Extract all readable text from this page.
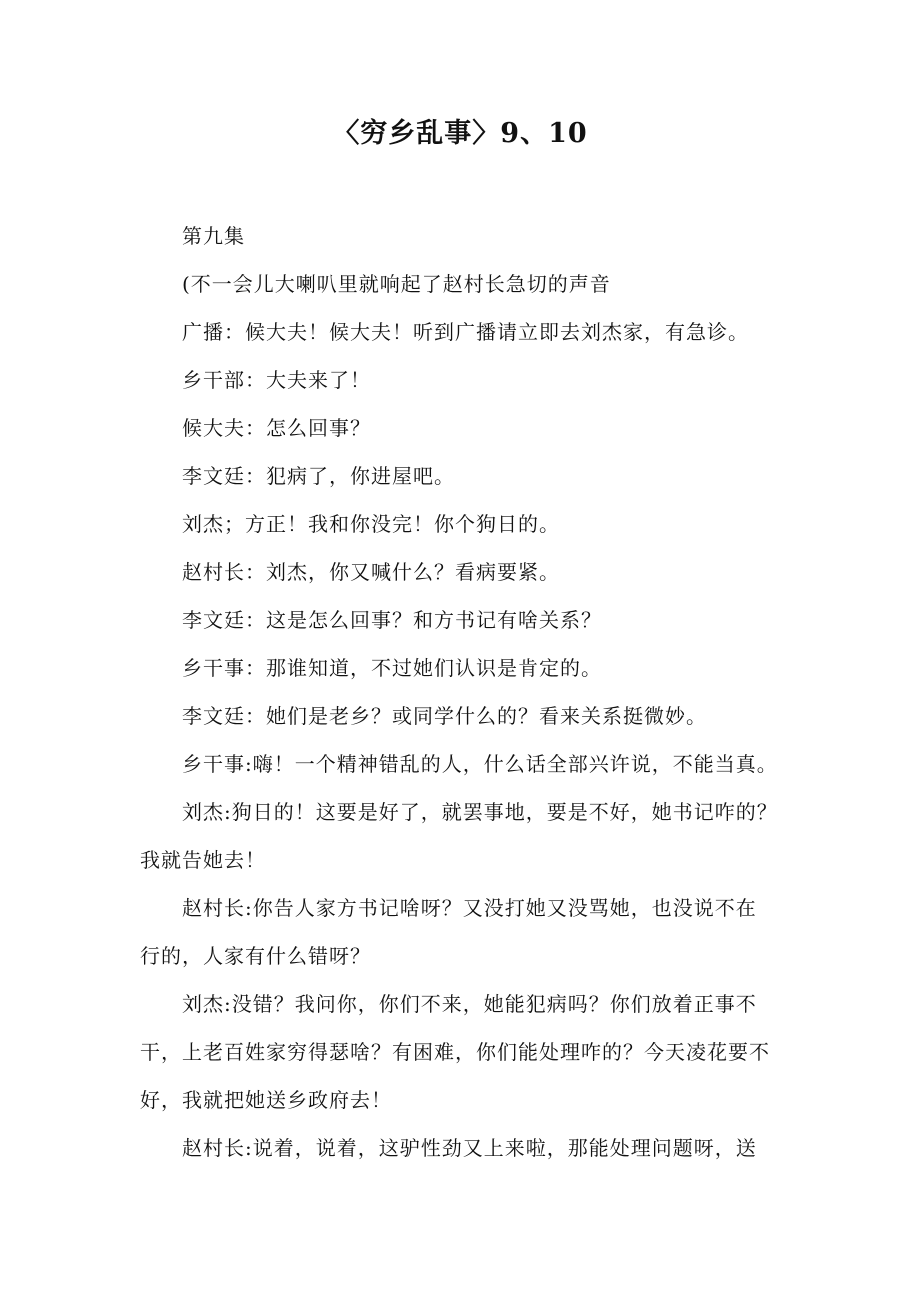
〈穷乡乱事〉9、10

第九集

(不一会儿大喇叭里就响起了赵村长急切的声音

广播：候大夫！候大夫！听到广播请立即去刘杰家，有急诊。

乡干部：大夫来了！

候大夫：怎么回事？

李文廷：犯病了，你进屋吧。

刘杰；方正！我和你没完！你个狗日的。

赵村长：刘杰，你又喊什么？看病要紧。

李文廷：这是怎么回事？和方书记有啥关系？

乡干事：那谁知道，不过她们认识是肯定的。

李文廷：她们是老乡？或同学什么的？看来关系挺微妙。

乡干事:嗨！一个精神错乱的人，什么话全部兴许说，不能当真。

刘杰:狗日的！这要是好了，就罢事地，要是不好，她书记咋的？
我就告她去！

赵村长:你告人家方书记啥呀？又没打她又没骂她，也没说不在
行的，人家有什么错呀？

刘杰:没错？我问你，你们不来，她能犯病吗？你们放着正事不
干，上老百姓家穷得瑟啥？有困难，你们能处理咋的？今天凌花要不
好，我就把她送乡政府去！

赵村长:说着，说着，这驴性劲又上来啦，那能处理问题呀，送
